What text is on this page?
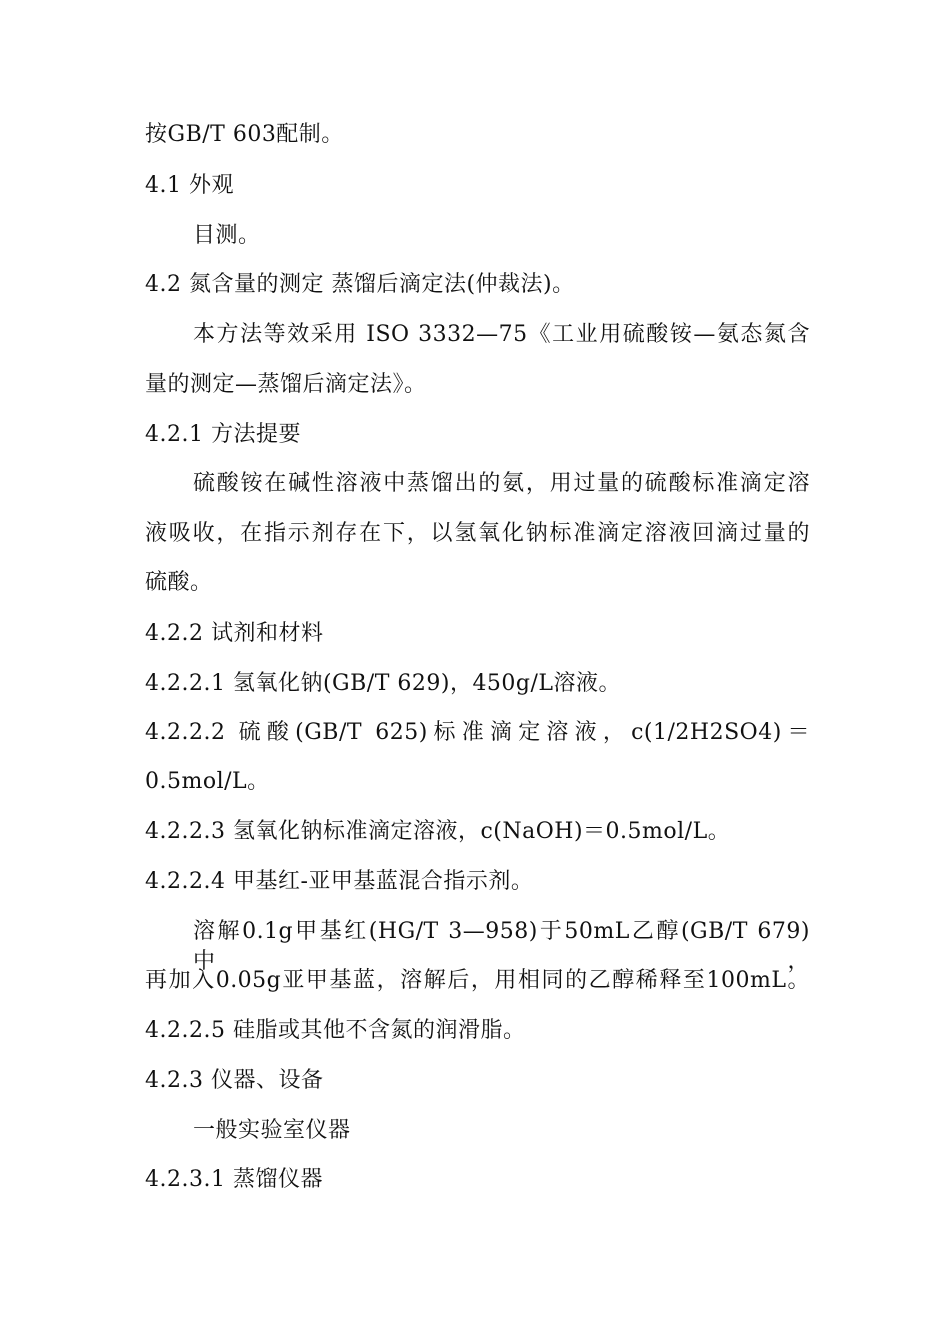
按GB/T 603配制。
4.1 外观
目测。
4.2 氮含量的测定 蒸馏后滴定法(仲裁法)。
本方法等效采用 ISO 3332—75《工业用硫酸铵—氨态氮含
量的测定—蒸馏后滴定法》。
4.2.1 方法提要
硫酸铵在碱性溶液中蒸馏出的氨，用过量的硫酸标准滴定溶
液吸收，在指示剂存在下，以氢氧化钠标准滴定溶液回滴过量的
硫酸。
4.2.2 试剂和材料
4.2.2.1 氢氧化钠(GB/T 629)，450g/L溶液。
4.2.2.2 硫酸(GB/T 625)标准滴定溶液，c(1/2H2SO4)＝
0.5mol/L。
4.2.2.3 氢氧化钠标准滴定溶液，c(NaOH)＝0.5mol/L。
4.2.2.4 甲基红-亚甲基蓝混合指示剂。
溶解0.1g甲基红(HG/T 3—958)于50mL乙醇(GB/T 679)中，
再加入0.05g亚甲基蓝，溶解后，用相同的乙醇稀释至100mL。
4.2.2.5 硅脂或其他不含氮的润滑脂。
4.2.3 仪器、设备
一般实验室仪器
4.2.3.1 蒸馏仪器
